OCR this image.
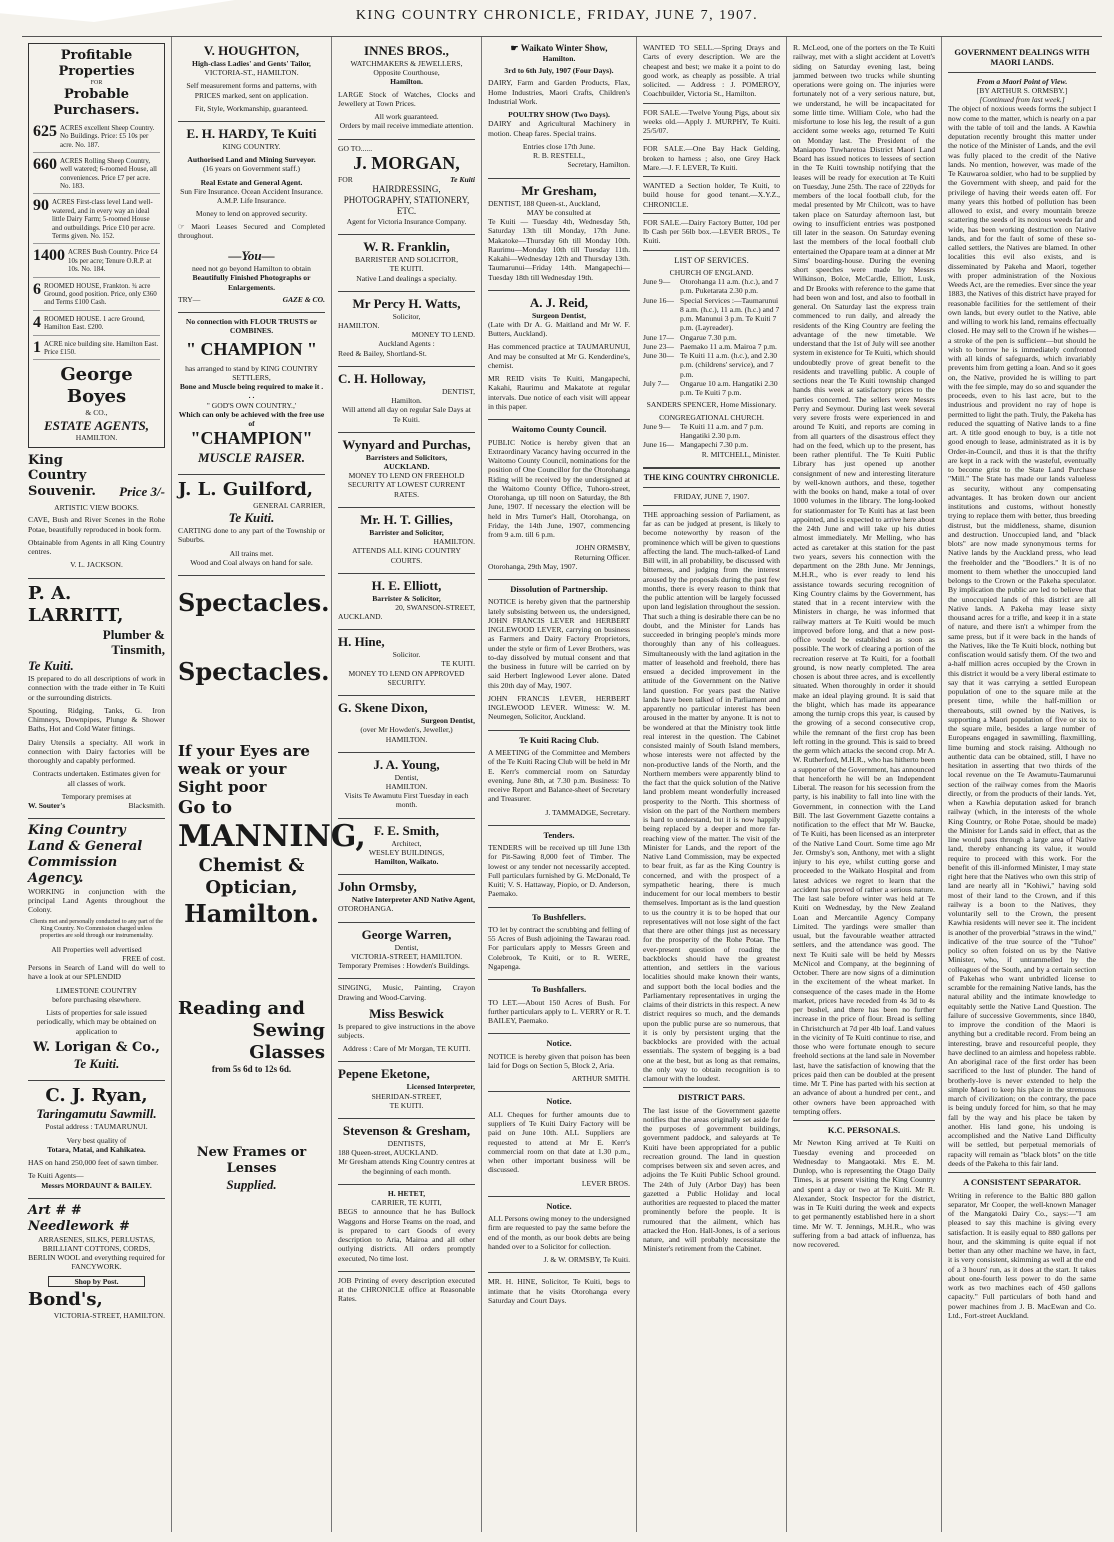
KING COUNTRY CHRONICLE, FRIDAY, JUNE 7, 1907.
Profitable Properties
FOR
Probable Purchasers.
625 ACRES excellent Sheep Country. No Buildings. Price: £5 10s per acre. No. 187.
660 ACRES Rolling Sheep Country, well watered; 6-roomed House, all conveniences. Price £7 per acre. No. 183.
90 ACRES First-class level Land well-watered, and in every way an ideal little Dairy Farm; 5-roomed House and outbuildings. Price £10 per acre. Terms given. No. 152.
1400 ACRES Bush Country. Price £4 10s per acre; Tenure O.R.P. at 10s. No. 184.
6 ROOMED HOUSE, Frankton. ¾ acre Ground, good position. Price, only £360 and Terms £100 Cash.
4 ROOMED HOUSE. 1 acre Ground, Hamilton East. £200.
1 ACRE nice building site. Hamilton East. Price £150.
George Boyes
& CO.,
ESTATE AGENTS,
HAMILTON.
King Country Souvenir.	Price 3/-
ARTISTIC VIEW BOOKS.

CAVE, Bush and River Scenes in the Rohe Potae, beautifully reproduced in book form.

Obtainable from Agents in all King Country centres.

V. L. JACKSON.
P. A. LARRITT,
Plumber &
Tinsmith,
Te Kuiti.

IS prepared to do all descriptions of work in connection with the trade either in Te Kuiti or the surrounding districts.

Spouting, Ridging, Tanks, G. Iron Chimneys, Downpipes, Plunge & Shower Baths, Hot and Cold Water fittings.

Dairy Utensils a specialty. All work in connection with Dairy factories will be thoroughly and capably performed.

Contracts undertaken. Estimates given for all classes of work.

Temporary premises at
W. Souter's	Blacksmith.
King Country Land & General Commission Agency.

WORKING in conjunction with the principal Land Agents throughout the Colony.

Clients met and personally conducted to any part of the King Country. No Commission charged unless properties are sold through our instrumentality.

All Properties well advertised
FREE of cost.

Persons in Search of Land will do well to have a look at our SPLENDID

LIMESTONE COUNTRY
before purchasing elsewhere.

Lists of properties for sale issued periodically, which may be obtained on application to

W. Lorigan & Co.,
Te Kuiti.
C. J. Ryan,
Taringamutu Sawmill.
Postal address : TAUMARUNUI.
Very best quality of
Totara, Matai, and Kahikatea.

HAS on hand 250,000 feet of sawn timber.

Te Kuiti Agents—
Messrs MORDAUNT & BAILEY.
Art # # Needlework #

ARRASENES, SILKS, PERLUSTAS, BRILLIANT COTTONS, CORDS, BERLIN WOOL and everything required for FANCYWORK.

Shop by Post.
Bond's,
VICTORIA-STREET, HAMILTON.
V. HOUGHTON,
High-class Ladies' and Gents' Tailor,
VICTORIA-ST., HAMILTON.

Self measurement forms and patterns, with PRICES marked, sent on application.

Fit, Style, Workmanship, guaranteed.
E. H. HARDY, Te Kuiti
KING COUNTRY.
Authorised Land and Mining Surveyor.
(16 years on Government staff.)
Real Estate and General Agent.

Sun Fire Insurance. Ocean Accident Insurance. A.M.P. Life Insurance.

Money to lend on approved security.

☞ Maori Leases Secured and Completed throughout.

—You—
need not go beyond Hamilton to obtain
Beautifully Finished Photographs or Enlargements.
TRY—	GAZE & CO.
No connection with FLOUR TRUSTS or COMBINES.
" CHAMPION "
has arranged to stand by KING COUNTRY SETTLERS,
Bone and Muscle being required to make it . . .
" GOD'S OWN COUNTRY.,'
Which can only be achieved with the free use of
"CHAMPION"
MUSCLE RAISER.
J. L. Guilford,
GENERAL CARRIER,
Te Kuiti.

CARTING done to any part of the Township or Suburbs.

All trains met.

Wood and Coal always on hand for sale.

Spectacles.
Spectacles.
If your Eyes are weak or your Sight poor
Go to
MANNING,
Chemist & Optician,
Hamilton.
Reading and
Sewing Glasses
from 5s 6d to 12s 6d.
New Frames or Lenses
Supplied.
INNES BROS.,
WATCHMAKERS & JEWELLERS,
Opposite Courthouse,
Hamilton.

LARGE Stock of Watches, Clocks and Jewellery at Town Prices.

All work guaranteed.

Orders by mail receive immediate attention.

GO TO......
J. MORGAN,
FOR	Te Kuiti
HAIRDRESSING, PHOTOGRAPHY, STATIONERY, ETC.
Agent for Victoria Insurance Company.
W. R. Franklin,
BARRISTER AND SOLICITOR,
TE KUITI.
Native Land dealings a specialty.
Mr Percy H. Watts,
Solicitor,
HAMILTON.
MONEY TO LEND.
Auckland Agents :
Reed & Bailey, Shortland-St.
C. H. Holloway,
DENTIST,
Hamilton.

Will attend all day on regular Sale Days at Te Kuiti.

Wynyard and Purchas,
Barristers and Solicitors,
AUCKLAND.

MONEY TO LEND ON FREEHOLD SECURITY AT LOWEST CURRENT RATES.

Mr. H. T. Gillies,
Barrister and Solicitor,
HAMILTON.
ATTENDS ALL KING COUNTRY COURTS.
H. E. Elliott,
Barrister & Solicitor,
20, SWANSON-STREET,
AUCKLAND.
H. Hine,
Solicitor.
TE KUITI.
MONEY TO LEND ON APPROVED SECURITY.
G. Skene Dixon,
Surgeon Dentist,
(over Mr Howden's, Jeweller,)
HAMILTON.
J. A. Young,
Dentist,
HAMILTON.

Visits Te Awamutu First Tuesday in each month.

F. E. Smith,
Architect,
WESLEY BUILDINGS,
Hamilton, Waikato.
John Ormsby,
Native Interpreter AND Native Agent,
OTOROHANGA.
George Warren,
Dentist,
VICTORIA-STREET, HAMILTON.
Temporary Premises : Howden's Buildings.

SINGING, Music, Painting, Crayon Drawing and Wood-Carving.

Miss Beswick

Is prepared to give instructions in the above subjects.

Address : Care of Mr Morgan, TE KUITI.
Pepene Eketone,
Licensed Interpreter,
SHERIDAN-STREET,
TE KUITI.
Stevenson & Gresham,
DENTISTS,
188 Queen-street, AUCKLAND.

Mr Gresham attends King Country centres at the beginning of each month.

H. HETET,
CARRIER, TE KUITI,

BEGS to announce that he has Bullock Waggons and Horse Teams on the road, and is prepared to cart Goods of every description to Aria, Mairoa and all other outlying districts. All orders promptly executed, No time lost.

JOB Printing of every description executed at the CHRONICLE office at Reasonable Rates.

☛ Waikato Winter Show,
Hamilton.
3rd to 6th July, 1907 (Four Days).

DAIRY, Farm and Garden Products, Flax, Home Industries, Maori Crafts, Children's Industrial Work.

POULTRY SHOW (Two Days).

DAIRY and Agricultural Machinery in motion. Cheap fares. Special trains.

Entries close 17th June.
R. B. RESTELL,
Secretary, Hamilton.
Mr Gresham,
DENTIST, 188 Queen-st., Auckland,
MAY be consulted at

Te Kuiti — Tuesday 4th, Wednesday 5th, Saturday 13th till Monday, 17th June. Makatoke—Thursday 6th till Monday 10th. Raurimu—Monday 10th till Tuesday 11th. Kakahi—Wednesday 12th and Thursday 13th. Taumarunui—Friday 14th. Mangapechi—Tuesday 18th till Wednesday 19th.

A. J. Reid,
Surgeon Dentist,

(Late with Dr A. G. Maitland and Mr W. F. Butters, Auckland).

Has commenced practice at TAUMARUNUI, And may be consulted at Mr G. Kenderdine's, chemist.

MR REID visits Te Kuiti, Mangapechi, Kakahi, Raurimu and Makatote at regular intervals. Due notice of each visit will appear in this paper.

Waitomo County Council.

PUBLIC Notice is hereby given that an Extraordinary Vacancy having occurred in the Waitomo County Council, nominations for the position of One Councillor for the Otorohanga Riding will be received by the undersigned at the Waitomo County Office, Tuhoro-street, Otorohanga, up till noon on Saturday, the 8th June, 1907. If necessary the election will be held in Mrs Turner's Hall, Otorohanga, on Friday, the 14th June, 1907, commencing from 9 a.m. till 6 p.m.

JOHN ORMSBY,
Returning Officer.
Otorohanga, 29th May, 1907.
Dissolution of Partnership.

NOTICE is hereby given that the partnership lately subsisting between us, the undersigned, JOHN FRANCIS LEVER and HERBERT INGLEWOOD LEVER, carrying on business as Farmers and Dairy Factory Proprietors, under the style or firm of Lever Brothers, was to-day dissolved by mutual consent and that the business in future will be carried on by said Herbert Inglewood Lever alone. Dated this 20th day of May, 1907.

JOHN FRANCIS LEVER, HERBERT INGLEWOOD LEVER. Witness: W. M. Neumegen, Solicitor, Auckland.

Te Kuiti Racing Club.

A MEETING of the Committee and Members of the Te Kuiti Racing Club will be held in Mr E. Kerr's commercial room on Saturday evening, June 8th, at 7.30 p.m. Business: To receive Report and Balance-sheet of Secretary and Treasurer.

J. TAMMADGE, Secretary.
Tenders.

TENDERS will be received up till June 13th for Pit-Sawing 8,000 feet of Timber. The lowest or any tender not necessarily accepted. Full particulars furnished by G. McDonald, Te Kuiti; V. S. Hattaway, Piopio, or D. Anderson, Paemako.

To Bushfellers.

TO let by contract the scrubbing and felling of 55 Acres of Bush adjoining the Tawarau road. For particulars apply to Messrs Green and Colebrook, Te Kuiti, or to R. WERE, Ngapenga.

To Bushfallers.

TO LET.—About 150 Acres of Bush. For further particulars apply to L. VERRY or R. T. BAILEY, Paemako.

Notice.

NOTICE is hereby given that poison has been laid for Dogs on Section 5, Block 2, Aria.

ARTHUR SMITH.
Notice.

ALL Cheques for further amounts due to suppliers of Te Kuiti Dairy Factory will be paid on June 10th. ALL Suppliers are requested to attend at Mr E. Kerr's commercial room on that date at 1.30 p.m., when other important business will be discussed.

LEVER BROS.
Notice.

ALL Persons owing money to the undersigned firm are requested to pay the same before the end of the month, as our book debts are being handed over to a Solicitor for collection.

J. & W. ORMSBY, Te Kuiti.

MR. H. HINE, Solicitor, Te Kuiti, begs to intimate that he visits Otorohanga every Saturday and Court Days.

WANTED TO SELL.—Spring Drays and Carts of every description. We are the cheapest and best; we make it a point to do good work, as cheaply as possible. A trial solicited. — Address : J. POMEROY, Coachbuilder, Victoria St., Hamilton.

FOR SALE.—Twelve Young Pigs, about six weeks old.—Apply J. MURPHY, Te Kuiti. 25/5/07.

FOR SALE.—One Bay Hack Gelding, broken to harness ; also, one Grey Hack Mare.—J. F. LEVER, Te Kuiti.

WANTED a Section holder, Te Kuiti, to build house for good tenant.—X.Y.Z., CHRONICLE.

FOR SALE.—Dairy Factory Butter, 10d per lb Cash per 56lb box.—LEVER BROS., Te Kuiti.

LIST OF SERVICES.
CHURCH OF ENGLAND.
June 9—	Otorohanga 11 a.m. (h.c.), and 7 p.m. Puketarata 2.30 p.m.
June 16— Special Services :—Taumarunui 8 a.m. (h.c.), 11 a.m. (h.c.) and 7 p.m. Manunui 3 p.m. Te Kuiti 7 p.m. (Layreader).
June 17— Ongarue 7.30 p.m.
June 23— Paemako 11 a.m. Mairoa 7 p.m.
June 30— Te Kuiti 11 a.m. (h.c.), and 2.30 p.m. (childrens' service), and 7 p.m.
July 7—	Ongarue 10 a.m. Hangatiki 2.30 p.m. Te Kuiti 7 p.m.
SANDERS SPENCER, Home Missionary.
CONGREGATIONAL CHURCH.
June 9—	Te Kuiti 11 a.m. and 7 p.m. Hangatiki 2.30 p.m.
June 16— Mangapechi 7.30 p.m.
R. MITCHELL, Minister.
THE KING COUNTRY CHRONICLE.
FRIDAY, JUNE 7, 1907.

THE approaching session of Parliament, as far as can be judged at present, is likely to become noteworthy by reason of the prominence which will be given to questions affecting the land. The much-talked-of Land Bill will, in all probability, be discussed with bitterness, and judging from the interest aroused by the proposals during the past few months, there is every reason to think that the public attention will be largely focussed upon land legislation throughout the session. That such a thing is desirable there can be no doubt, and the Minister for Lands has succeeded in bringing people's minds more thoroughly than any of his colleagues. Simultaneously with the land agitation in the matter of leasehold and freehold, there has ensued a decided improvement in the attitude of the Government on the Native land question. For years past the Native lands have been talked of in Parliament and apparently no particular interest has been aroused in the matter by anyone. It is not to be wondered at that the Ministry took little real interest in the question. The Cabinet consisted mainly of South Island members, whose interests were not affected by the non-productive lands of the North, and the Northern members were apparently blind to the fact that the quick solution of the Native land problem meant wonderfully increased prosperity to the North. This shortness of vision on the part of the Northern members is hard to understand, but it is now happily being replaced by a deeper and more far-reaching view of the matter. The visit of the Minister for Lands, and the report of the Native Land Commission, may be expected to bear fruit, as far as the King Country is concerned, and with the prospect of a sympathetic hearing, there is much inducement for our local members to bestir themselves. Important as is the land question to us the country it is to be hoped that our representatives will not lose sight of the fact that there are other things just as necessary for the prosperity of the Rohe Potae. The ever-present question of roading the backblocks should have the greatest attention, and settlers in the various localities should make known their wants, and support both the local bodies and the Parliamentary representatives in urging the claims of their districts in this respect. A new district requires so much, and the demands upon the public purse are so numerous, that it is only by persistent urging that the backblocks are provided with the actual essentials. The system of begging is a bad one at the best, but as long as that remains, the only way to obtain recognition is to clamour with the loudest.

DISTRICT PARS.

The last issue of the Government gazette notifies that the areas originally set aside for the purposes of government buildings, government paddock, and saleyards at Te Kuiti have been appropriated for a public recreation ground. The land in question comprises between six and seven acres, and adjoins the Te Kuiti Public School ground. The 24th of July (Arbor Day) has been gazetted a Public Holiday and local authorities are requested to placed the matter prominently before the people. It is rumoured that the ailment, which has attacked the Hon. Hall-Jones, is of a serious nature, and will probably necessitate the Minister's retirement from the Cabinet.

R. McLeod, one of the porters on the Te Kuiti railway, met with a slight accident at Lovett's siding on Saturday evening last, being jammed between two trucks while shunting operations were going on. The injuries were fortunately not of a very serious nature, but, we understand, he will be incapacitated for some little time. William Cole, who had the misfortune to lose his leg, the result of a gun accident some weeks ago, returned Te Kuiti on Monday last. The President of the Maniapoto Tuwharetoa District Maori Land Board has issued notices to lessees of section in the Te Kuiti township notifying that the leases will be ready for execution at Te Kuiti on Tuesday, June 25th. The race of 220yds for members of the local football club, for the medal presented by Mr Chilcott, was to have taken place on Saturday afternoon last, but owing to insufficient entries was postponed till later in the season. On Saturday evening last the members of the local football club entertained the Opapare team at a dinner at Mr Sims' boarding-house. During the evening short speeches were made by Messrs Wilkinson, Bolce, McCardle, Elliott, Lusk, and Dr Brooks with reference to the game that had been won and lost, and also to football in general. On Saturday last the express train commenced to run daily, and already the residents of the King Country are feeling the advantage of the new timetable. We understand that the 1st of July will see another system in existence for Te Kuiti, which should undoubtedly prove of great benefit to the residents and travelling public. A couple of sections near the Te Kuiti township changed hands this week at satisfactory prices to the parties concerned. The sellers were Messrs Perry and Seymour. During last week several very severe frosts were experienced in and around Te Kuiti, and reports are coming in from all quarters of the disastrous effect they had on the feed, which up to the present, has been rather plentiful. The Te Kuiti Public Library has just opened up another consignment of new and interesting literature by well-known authors, and these, together with the books on hand, make a total of over 1000 volumes in the library. The long-looked for stationmaster for Te Kuiti has at last been appointed, and is expected to arrive here about the 24th June and will take up his duties almost immediately. Mr Melling, who has acted as caretaker at this station for the past two years, severs his connection with the department on the 28th June. Mr Jennings, M.H.R., who is ever ready to lend his assistance towards securing recognition of King Country claims by the Government, has stated that in a recent interview with the Ministers in charge, he was informed that railway matters at Te Kuiti would be much improved before long, and that a new post-office would be established as soon as possible. The work of clearing a portion of the recreation reserve at Te Kuiti, for a football ground, is now nearly completed. The area chosen is about three acres, and is excellently situated. When thoroughly in order it should make an ideal playing ground. It is said that the blight, which has made its appearance among the turnip crops this year, is caused by the growing of a second consecutive crop, while the remnant of the first crop has been left rotting in the ground. This is said to breed the germ which attacks the second crop. Mr A. W. Rutherford, M.H.R., who has hitherto been a supporter of the Government, has announced that henceforth he will be an Independent Liberal. The reason for his secession from the party, is his inability to fall into line with the Government, in connection with the Land Bill. The last Government Gazette contains a notification to the effect that Mr W. Baucke, of Te Kuiti, has been licensed as an interpreter of the Native Land Court. Some time ago Mr Jer. Ormsby's son, Anthony, met with a slight injury to his eye, whilst cutting gorse and proceeded to the Waikato Hospital and from latest advices we regret to learn that the accident has proved of rather a serious nature. The last sale before winter was held at Te Kuiti on Wednesday, by the New Zealand Loan and Mercantile Agency Company Limited. The yardings were smaller than usual, but the favourable weather attracted settlers, and the attendance was good. The next Te Kuiti sale will be held by Messrs McNicol and Company, at the beginning of October. There are now signs of a diminution in the excitement of the wheat market. In consequence of the cases made in the Home market, prices have receded from 4s 3d to 4s per bushel, and there has been no further increase in the price of flour. Bread is selling in Christchurch at 7d per 4lb loaf. Land values in the vicinity of Te Kuiti continue to rise, and those who were fortunate enough to secure freehold sections at the land sale in November last, have the satisfaction of knowing that the prices paid then can be doubled at the present time. Mr T. Pine has parted with his section at an advance of about a hundred per cent., and other owners have been approached with tempting offers.

K.C. PERSONALS.

Mr Newton King arrived at Te Kuiti on Tuesday evening and proceeded on Wednesday to Mangaotaki. Mrs E. M. Dunlop, who is representing the Otago Daily Times, is at present visiting the King Country and spent a day or two at Te Kuiti. Mr R. Alexander, Stock Inspector for the district, was in Te Kuiti during the week and expects to get permanently established here in a short time. Mr W. T. Jennings, M.H.R., who was suffering from a bad attack of influenza, has now recovered.

GOVERNMENT DEALINGS WITH MAORI LANDS.
From a Maori Point of View.
[BY ARTHUR S. ORMSBY.]
[Continued from last week.]

The object of noxious weeds forms the subject I now come to the matter, which is nearly on a par with the table of toil and the lands. A Kawhia deputation recently brought this matter under the notice of the Minister of Lands, and the evil was fully placed to the credit of the Native lands. No mention, however, was made of the Te Kauwaroa soldier, who had to be supplied by the Government with sheep, and paid for the privilege of having their weeds eaten off. For many years this hotbed of pollution has been allowed to exist, and every mountain breeze scattering the seeds of its noxious weeds far and wide, has been working destruction on Native lands, and for the fault of some of these so-called settlers, the Natives are blamed. In other localities this evil also exists, and is disseminated by Pakeha and Maori, together with proper administration of the Noxious Weeds Act, are the remedies. Ever since the year 1883, the Natives of this district have prayed for reasonable facilities for the settlement of their own lands, but every outlet to the Native, able and willing to work his land, remains effectually closed. He may sell to the Crown if he wishes—a stroke of the pen is sufficient—but should he wish to borrow he is immediately confronted with all kinds of safeguards, which invariably prevents him from getting a loan. And so it goes on, the Native, provided he is willing to part with the fee simple, may do so and squander the proceeds, even to his last acre, but to the industrious and provident no ray of hope is permitted to light the path. Truly, the Pakeha has reduced the squatting of Native lands to a fine art. A title good enough to buy, is a title not good enough to lease, administrated as it is by Order-in-Council, and thus it is that the thrifty are kept in a rack with the wasteful, eventually to become grist to the State Land Purchase "Mill." The State has made our lands valueless as security, without any compensating advantages. It has broken down our ancient institutions and customs, without honestly trying to replace them with better, thus breeding distrust, but the middleness, shame, disunion and destruction. Unoccupied land, and "black blots" are now made synonymous terms for Native lands by the Auckland press, who lead the freeholder and the "Boodlers." It is of no moment to them whether the unoccupied land belongs to the Crown or the Pakeha speculator. By implication the public are led to believe that the unoccupied lands of this district are all Native lands. A Pakeha may lease sixty thousand acres for a trifle, and keep it in a state of nature, and there isn't a whimper from the same press, but if it were back in the hands of the Natives, like the Te Kuiti block, nothing but confiscation would satisfy them. Of the two and a-half million acres occupied by the Crown in this district it would be a very liberal estimate to say that it was carrying a settled European population of one to the square mile at the present time, while the half-million or thereabouts, still owned by the Natives, is supporting a Maori population of five or six to the square mile, besides a large number of Europeans engaged in sawmilling, flaxmilling, lime burning and stock raising. Although no authentic data can be obtained, still, I have no hesitation in asserting that two thirds of the local revenue on the Te Awamutu-Taumarunui section of the railway comes from the Maoris directly, or from the products of their lands. Yet, when a Kawhia deputation asked for branch railway (which, in the interests of the whole King Country, or Rohe Potae, should be made) the Minister for Lands said in effect, that as the line would pass through a large area of Native land, thereby enhancing its value, it would require to proceed with this work. For the benefit of this ill-informed Minister, I may state right here that the Natives who own this strip of land are nearly all in "Kohiwi," having sold most of their land to the Crown, and if this railway is a boon to the Natives, they voluntarily sell to the Crown, the present Kawhia residents will never see it. The incident is another of the proverbial "straws in the wind," indicative of the true source of the "Tuhoe" policy so often foisted on us by the Native Minister, who, if untrammelled by the colleagues of the South, and by a certain section of Pakehas who want unbridled license to scramble for the remaining Native lands, has the natural ability and the intimate knowledge to equitably settle the Native Land Question. The failure of successive Governments, since 1840, to improve the condition of the Maori is anything but a creditable record. From being an interesting, brave and resourceful people, they have declined to an aimless and hopeless rabble. An aboriginal race of the first order has been sacrificed to the lust of plunder. The hand of brotherly-love is never extended to help the simple Maori to keep his place in the strenuous march of civilization; on the contrary, the pace is being unduly forced for him, so that he may fall by the way and his place be taken by another. His land gone, his undoing is accomplished and the Native Land Difficulty will be settled, but perpetual memorials of rapacity will remain as "black blots" on the title deeds of the Pakeha to this fair land.

A CONSISTENT SEPARATOR.

Writing in reference to the Baltic 880 gallon separator, Mr Cooper, the well-known Manager of the Mangatoki Dairy Co., says:—"I am pleased to say this machine is giving every satisfaction. It is easily equal to 880 gallons per hour, and the skimming is quite equal if not better than any other machine we have, in fact, it is very consistent, skimming as well at the end of a 3 hours' run, as it does at the start. It takes about one-fourth less power to do the same work as two machines each of 450 gallons capacity." Full particulars of both hand and power machines from J. B. MacEwan and Co. Ltd., Fort-street Auckland.
